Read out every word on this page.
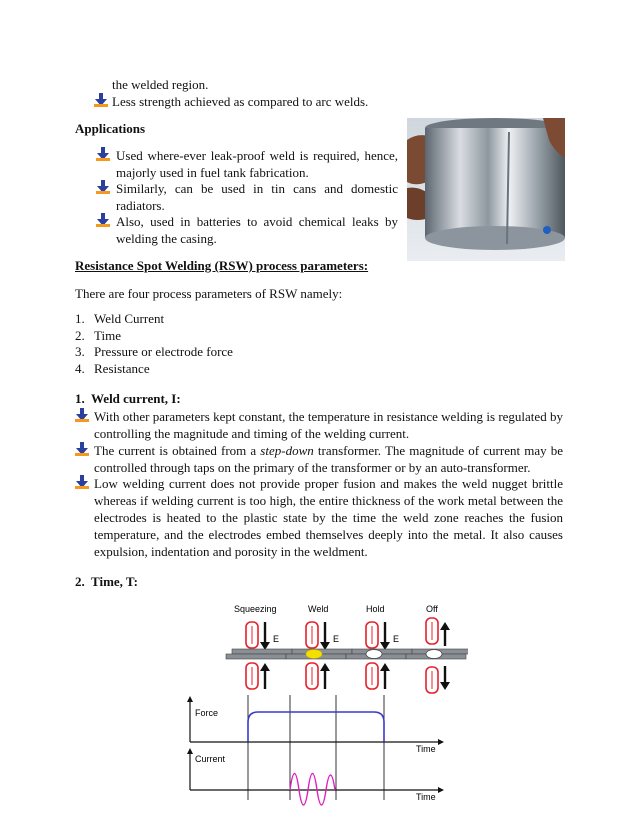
the welded region.
Less strength achieved as compared to arc welds.
Applications
Used where-ever leak-proof weld is required, hence,
majorly used in fuel tank fabrication.
Similarly, can be used in tin cans and domestic
radiators.
Also, used in batteries to avoid chemical leaks by
welding the casing.
Resistance Spot Welding (RSW) process parameters:
There are four process parameters of RSW namely:
1. Weld Current
2. Time
3. Pressure or electrode force
4. Resistance
1.  Weld current, I:
With other parameters kept constant, the temperature in resistance welding is regulated by
controlling the magnitude and timing of the welding current.
The current is obtained from a step-down transformer. The magnitude of current may be
controlled through taps on the primary of the transformer or by an auto-transformer.
Low welding current does not provide proper fusion and makes the weld nugget brittle
whereas if welding current is too high, the entire thickness of the work metal between the
electrodes is heated to the plastic state by the time the weld zone reaches the fusion
temperature, and the electrodes embed themselves deeply into the metal. It also causes
expulsion, indentation and porosity in the weldment.
2.  Time, T:
Squeezing	Weld	Hold	Off
E	E	E
Force
Time
Current
Time
